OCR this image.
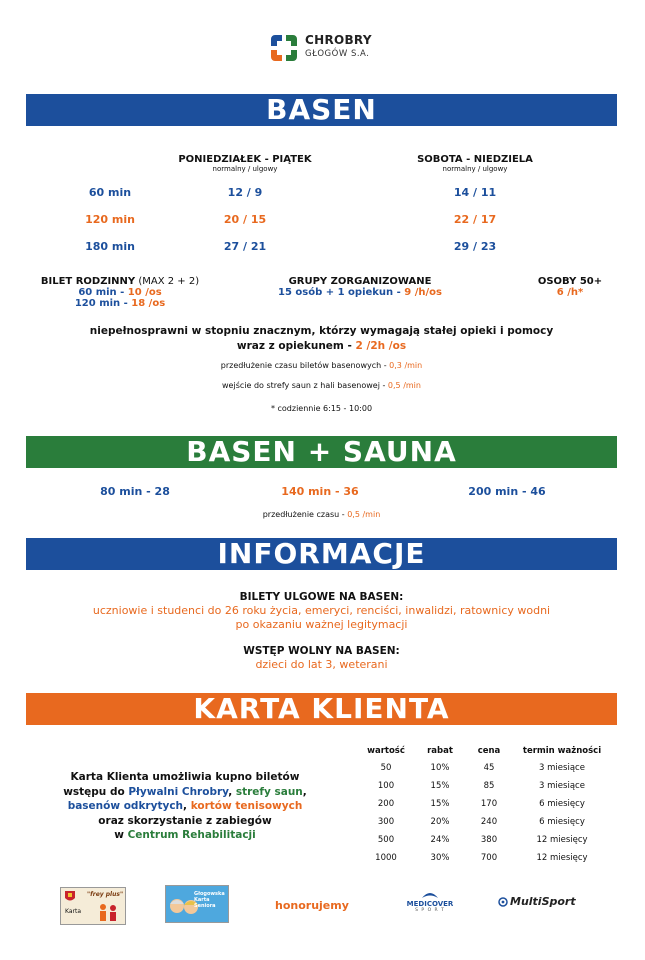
CHROBRY
GŁOGÓW S.A.
BASEN
PONIEDZIAŁEK - PIĄTEK
normalny / ulgowy
SOBOTA - NIEDZIELA
normalny / ulgowy
60 min	12 / 9	14 / 11
120 min	20 / 15	22 / 17
180 min	27 / 21	29 / 23
BILET RODZINNY (MAX 2 + 2)
60 min - 10 /os
120 min - 18 /os
GRUPY ZORGANIZOWANE
15 osób + 1 opiekun - 9 /h/os
OSOBY 50+
6 /h*
niepełnosprawni w stopniu znacznym, którzy wymagają stałej opieki i pomocy
wraz z opiekunem - 2 /2h /os
przedłużenie czasu biletów basenowych - 0,3 /min
wejście do strefy saun z hali basenowej - 0,5 /min
* codziennie 6:15 - 10:00
BASEN + SAUNA
80 min - 28	140 min - 36	200 min - 46
przedłużenie czasu - 0,5 /min
INFORMACJE
BILETY ULGOWE NA BASEN:
uczniowie i studenci do 26 roku życia, emeryci, renciści, inwalidzi, ratownicy wodni
po okazaniu ważnej legitymacji
WSTĘP WOLNY NA BASEN:
dzieci do lat 3, weterani
KARTA KLIENTA
Karta Klienta umożliwia kupno biletów
wstępu do Pływalni Chrobry, strefy saun,
basenów odkrytych, kortów tenisowych
oraz skorzystanie z zabiegów
w Centrum Rehabilitacji
wartość	rabat	cena	termin ważności
50	10%	45	3 miesiące
100	15%	85	3 miesiące
200	15%	170	6 miesięcy
300	20%	240	6 miesięcy
500	24%	380	12 miesięcy
1000	30%	700	12 miesięcy
"frey plus"
Karta
Głogowska Karta Seniora	honorujemy	MEDICOVER
S P O R T
MultiSport
